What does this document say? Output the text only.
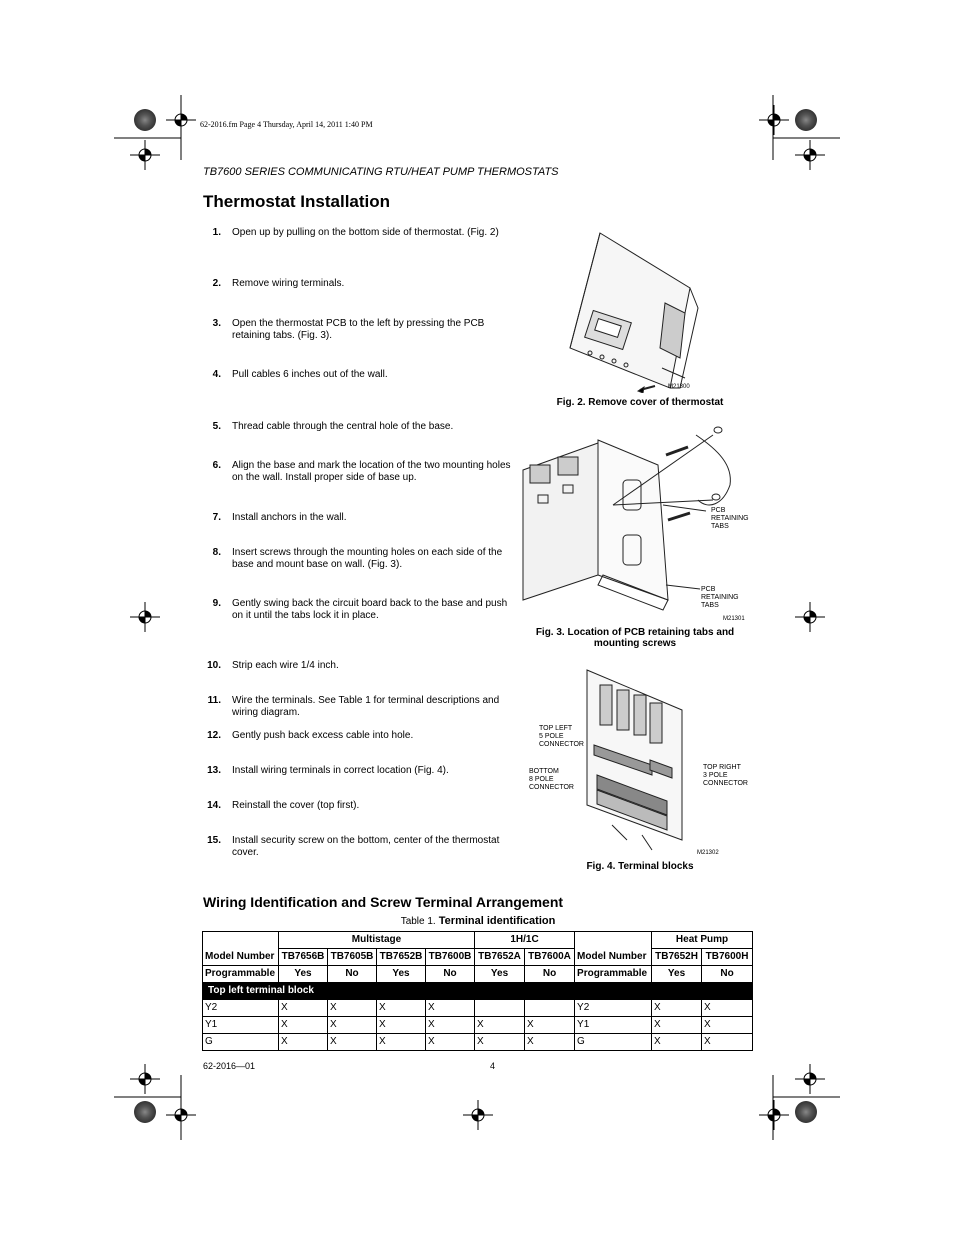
62-2016.fm Page 4 Thursday, April 14, 2011 1:40 PM
TB7600 SERIES COMMUNICATING RTU/HEAT PUMP THERMOSTATS
Thermostat Installation
1. Open up by pulling on the bottom side of thermostat. (Fig. 2)
2. Remove wiring terminals.
3. Open the thermostat PCB to the left by pressing the PCB retaining tabs. (Fig. 3).
4. Pull cables 6 inches out of the wall.
5. Thread cable through the central hole of the base.
6. Align the base and mark the location of the two mounting holes on the wall. Install proper side of base up.
7. Install anchors in the wall.
8. Insert screws through the mounting holes on each side of the base and mount base on wall. (Fig. 3).
9. Gently swing back the circuit board back to the base and push on it until the tabs lock it in place.
10. Strip each wire 1/4 inch.
11. Wire the terminals. See Table 1 for terminal descriptions and wiring diagram.
12. Gently push back excess cable into hole.
13. Install wiring terminals in correct location (Fig. 4).
14. Reinstall the cover (top first).
15. Install security screw on the bottom, center of the thermostat cover.
M21300
Fig. 2. Remove cover of thermostat
PCB
RETAINING
TABS
PCB
RETAINING
TABS
M21301
Fig. 3. Location of PCB retaining tabs and
mounting screws
TOP LEFT
5 POLE
CONNECTOR
BOTTOM
8 POLE
CONNECTOR
TOP RIGHT
3 POLE
CONNECTOR
M21302
Fig. 4. Terminal blocks
Wiring Identification and Screw Terminal Arrangement
Table 1. Terminal identification
	Multistage				1H/1C			Heat Pump	
Model Number	TB7656B	TB7605B	TB7652B	TB7600B	TB7652A	TB7600A	Model Number	TB7652H	TB7600H
Programmable	Yes	No	Yes	No	Yes	No	Programmable	Yes	No
Top left terminal block									
Y2	X	X	X	X			Y2	X	X
Y1	X	X	X	X	X	X	Y1	X	X
G	X	X	X	X	X	X	G	X	X
62-2016—01	4
